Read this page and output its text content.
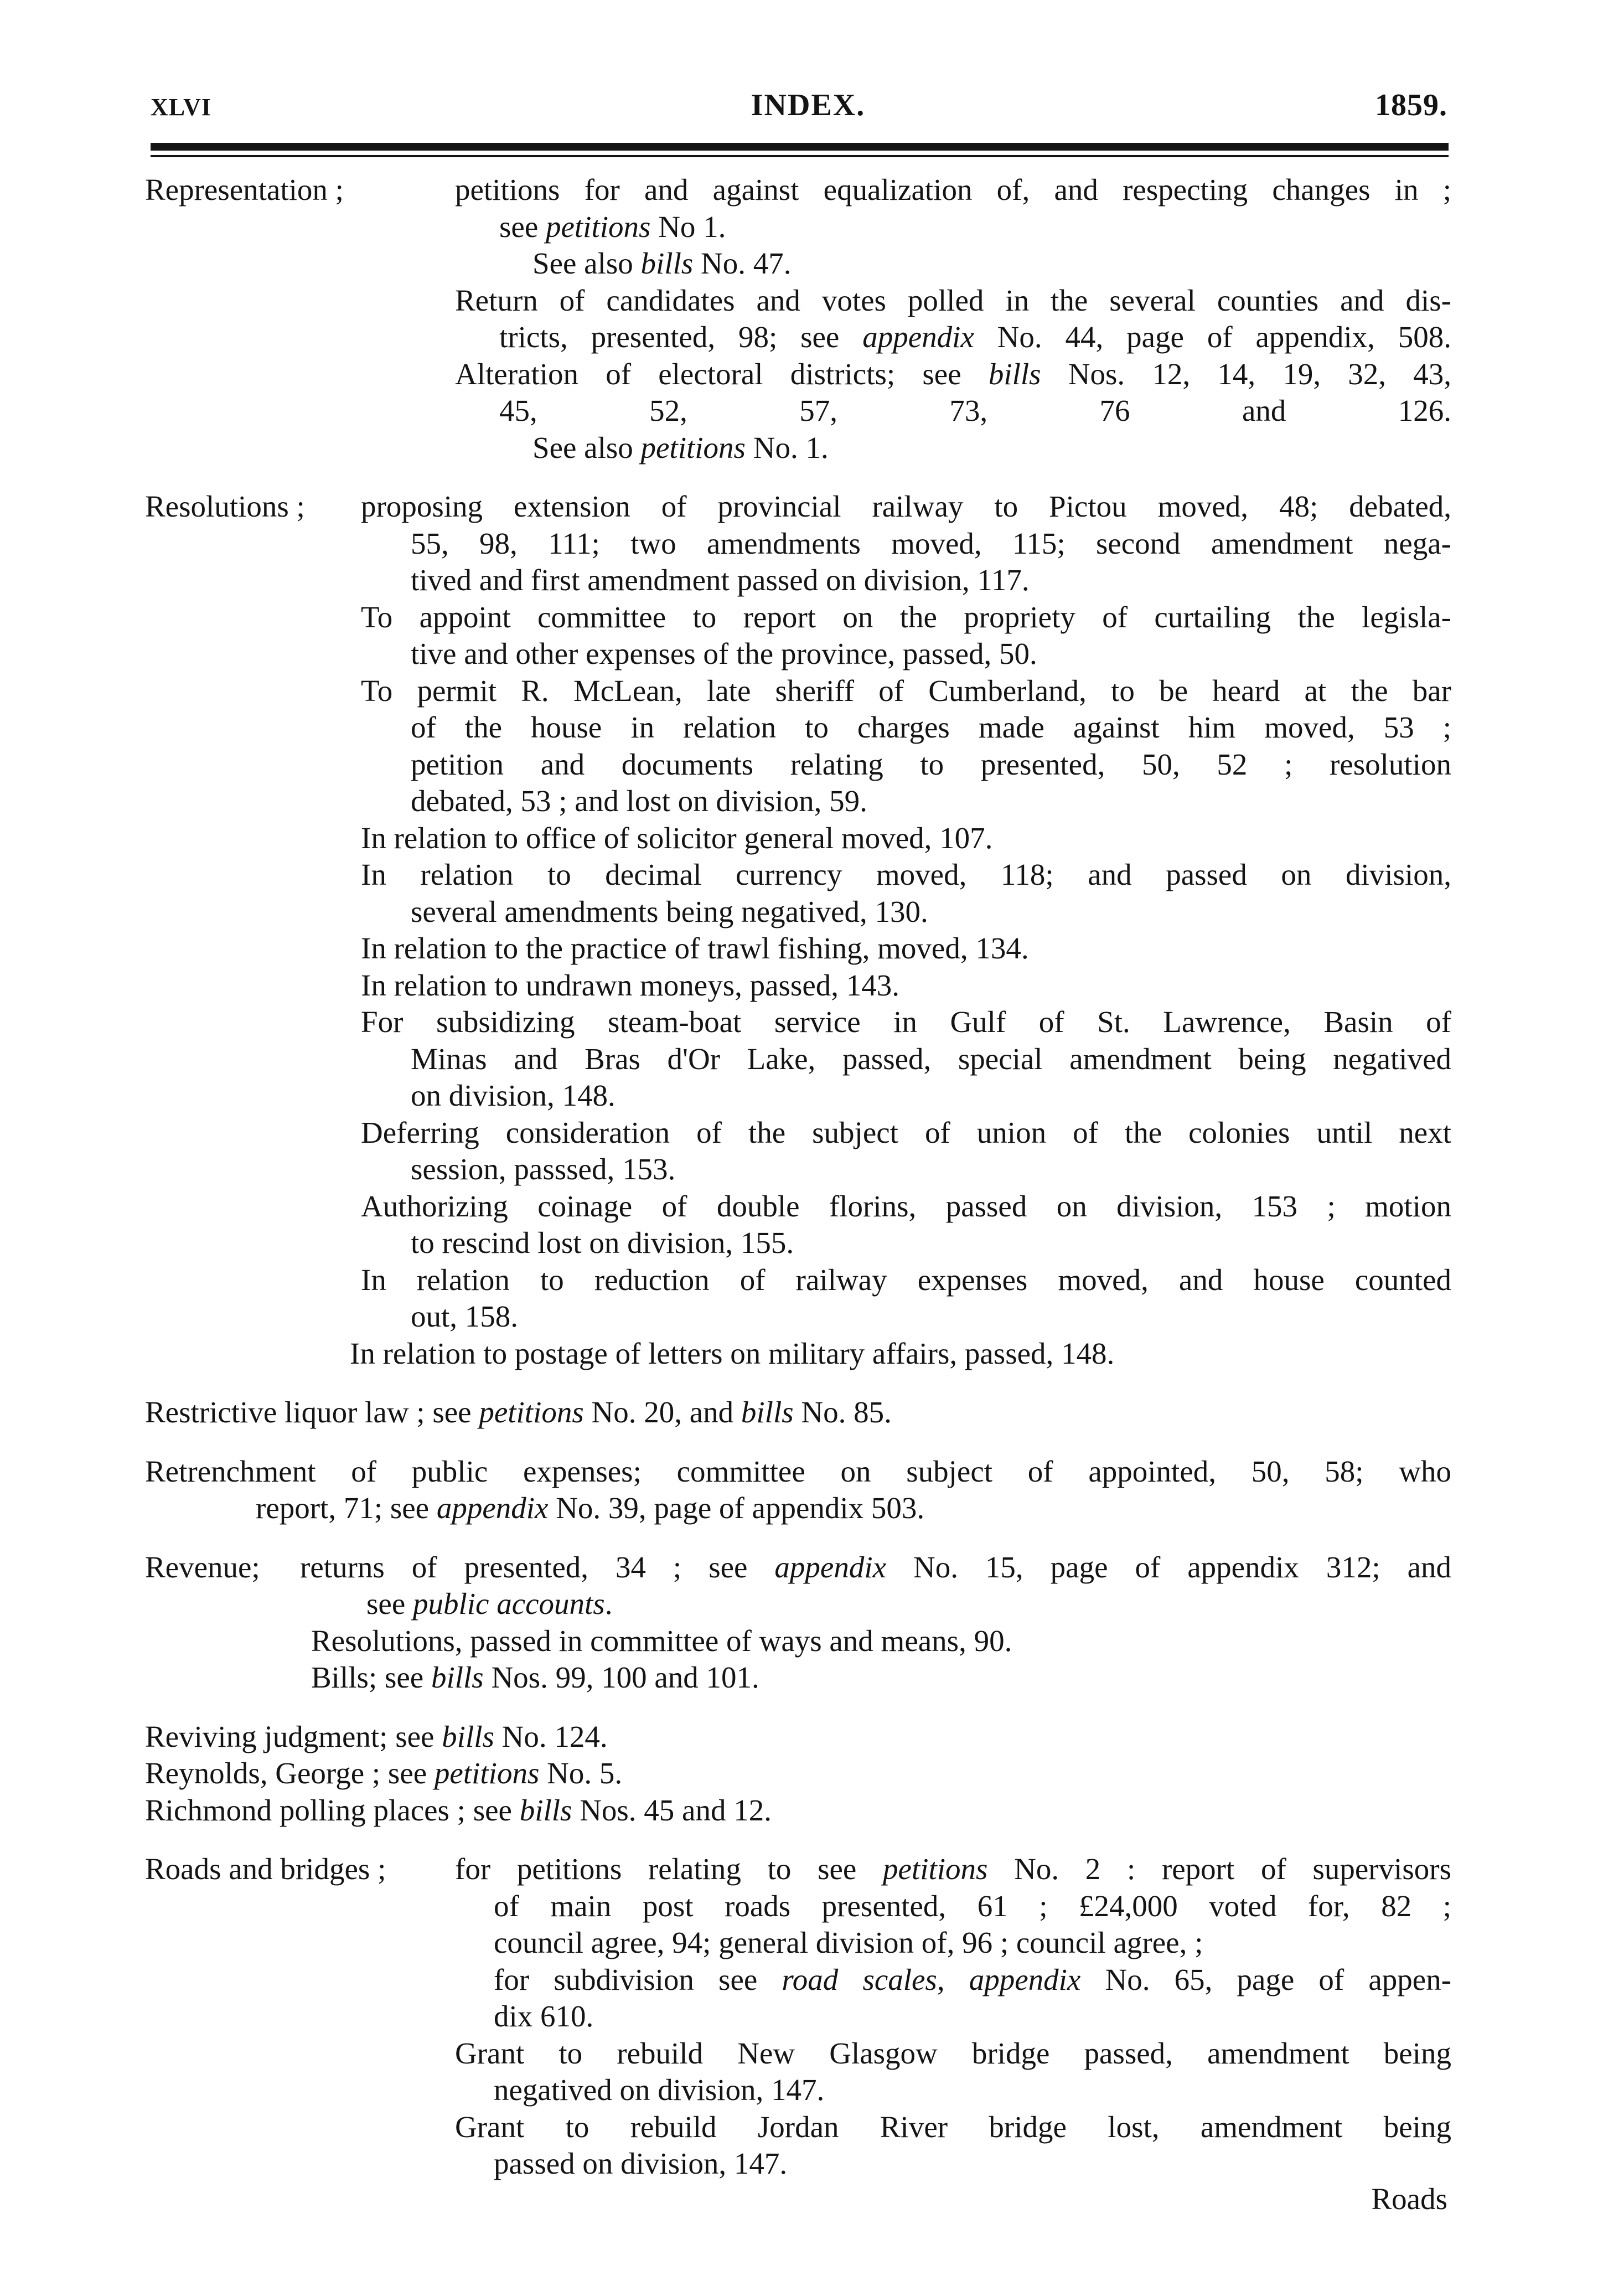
XLVI	INDEX.	1859.
Representation ;	petitions for and against equalization of, and respecting changes in ;
see petitions No 1.
See also bills No. 47.
Return of candidates and votes polled in the several counties and dis-
tricts, presented, 98; see appendix No. 44, page of appendix, 508.
Alteration of electoral districts; see bills Nos. 12, 14, 19, 32, 43,
45, 52, 57, 73, 76 and 126.
See also petitions No. 1.
Resolutions ; proposing extension of provincial railway to Pictou moved, 48; debated,
55, 98, 111; two amendments moved, 115; second amendment nega-
tived and first amendment passed on division, 117.
To appoint committee to report on the propriety of curtailing the legisla-
tive and other expenses of the province, passed, 50.
To permit R. McLean, late sheriff of Cumberland, to be heard at the bar
of the house in relation to charges made against him moved, 53 ;
petition and documents relating to presented, 50, 52 ; resolution
debated, 53 ; and lost on division, 59.
In relation to office of solicitor general moved, 107.
In relation to decimal currency moved, 118; and passed on division,
several amendments being negatived, 130.
In relation to the practice of trawl fishing, moved, 134.
In relation to undrawn moneys, passed, 143.
For subsidizing steam-boat service in Gulf of St. Lawrence, Basin of
Minas and Bras d'Or Lake, passed, special amendment being negatived
on division, 148.
Deferring consideration of the subject of union of the colonies until next
session, passsed, 153.
Authorizing coinage of double florins, passed on division, 153 ; motion
to rescind lost on division, 155.
In relation to reduction of railway expenses moved, and house counted
out, 158.
In relation to postage of letters on military affairs, passed, 148.
Restrictive liquor law ; see petitions No. 20, and bills No. 85.
Retrenchment of public expenses; committee on subject of appointed, 50, 58; who
report, 71; see appendix No. 39, page of appendix 503.
Revenue; returns of presented, 34 ; see appendix No. 15, page of appendix 312; and
see public accounts.
Resolutions, passed in committee of ways and means, 90.
Bills; see bills Nos. 99, 100 and 101.
Reviving judgment; see bills No. 124.
Reynolds, George ; see petitions No. 5.
Richmond polling places ; see bills Nos. 45 and 12.
Roads and bridges ; for petitions relating to see petitions No. 2 : report of supervisors
of main post roads presented, 61 ; £24,000 voted for, 82 ;
council agree, 94; general division of, 96 ; council agree, ;
for subdivision see road scales, appendix No. 65, page of appen-
dix 610.
Grant to rebuild New Glasgow bridge passed, amendment being
negatived on division, 147.
Grant to rebuild Jordan River bridge lost, amendment being
passed on division, 147.
Roads
